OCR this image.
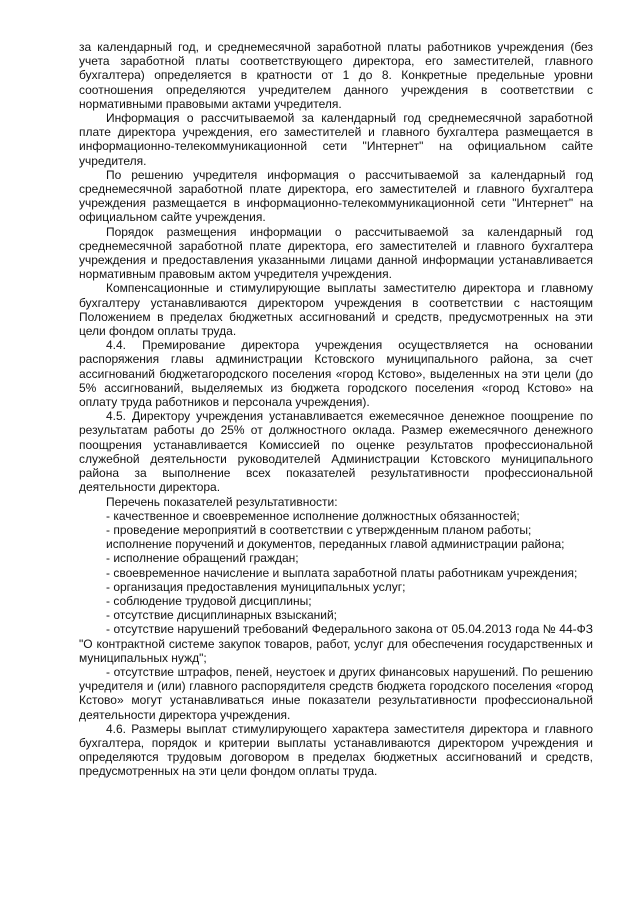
за календарный год, и среднемесячной заработной платы работников учреждения (без учета заработной платы соответствующего директора, его заместителей, главного бухгалтера) определяется в кратности от 1 до 8. Конкретные предельные уровни соотношения определяются учредителем данного учреждения в соответствии с нормативными правовыми актами учредителя.

Информация о рассчитываемой за календарный год среднемесячной заработной плате директора учреждения, его заместителей и главного бухгалтера размещается в информационно-телекоммуникационной сети "Интернет" на официальном сайте учредителя.

По решению учредителя информация о рассчитываемой за календарный год среднемесячной заработной плате директора, его заместителей и главного бухгалтера учреждения размещается в информационно-телекоммуникационной сети "Интернет" на официальном сайте учреждения.

Порядок размещения информации о рассчитываемой за календарный год среднемесячной заработной плате директора, его заместителей и главного бухгалтера учреждения и предоставления указанными лицами данной информации устанавливается нормативным правовым актом учредителя учреждения.

Компенсационные и стимулирующие выплаты заместителю директора и главному бухгалтеру устанавливаются директором учреждения в соответствии с настоящим Положением в пределах бюджетных ассигнований и средств, предусмотренных на эти цели фондом оплаты труда.

4.4. Премирование директора учреждения осуществляется на основании распоряжения главы администрации Кстовского муниципального района, за счет ассигнований бюджетагородского поселения «город Кстово», выделенных на эти цели (до 5% ассигнований, выделяемых из бюджета городского поселения «город Кстово» на оплату труда работников и персонала учреждения).

4.5. Директору учреждения устанавливается ежемесячное денежное поощрение по результатам работы до 25% от должностного оклада. Размер ежемесячного денежного поощрения устанавливается Комиссией по оценке результатов профессиональной служебной деятельности руководителей Администрации Кстовского муниципального района за выполнение всех показателей результативности профессиональной деятельности директора.

Перечень показателей результативности:

- качественное и своевременное исполнение должностных обязанностей;

- проведение мероприятий в соответствии с утвержденным планом работы;

исполнение поручений и документов, переданных главой администрации района;

- исполнение обращений граждан;

- своевременное начисление и выплата заработной платы работникам учреждения;

- организация предоставления муниципальных услуг;

- соблюдение трудовой дисциплины;

- отсутствие дисциплинарных взысканий;

- отсутствие нарушений требований Федерального закона от 05.04.2013 года № 44-ФЗ "О контрактной системе закупок товаров, работ, услуг для обеспечения государственных и муниципальных нужд";

- отсутствие штрафов, пеней, неустоек и других финансовых нарушений. По решению учредителя и (или) главного распорядителя средств бюджета городского поселения «город Кстово» могут устанавливаться иные показатели результативности профессиональной деятельности директора учреждения.

4.6. Размеры выплат стимулирующего характера заместителя директора и главного бухгалтера, порядок и критерии выплаты устанавливаются директором учреждения и определяются трудовым договором в пределах бюджетных ассигнований и средств, предусмотренных на эти цели фондом оплаты труда.
